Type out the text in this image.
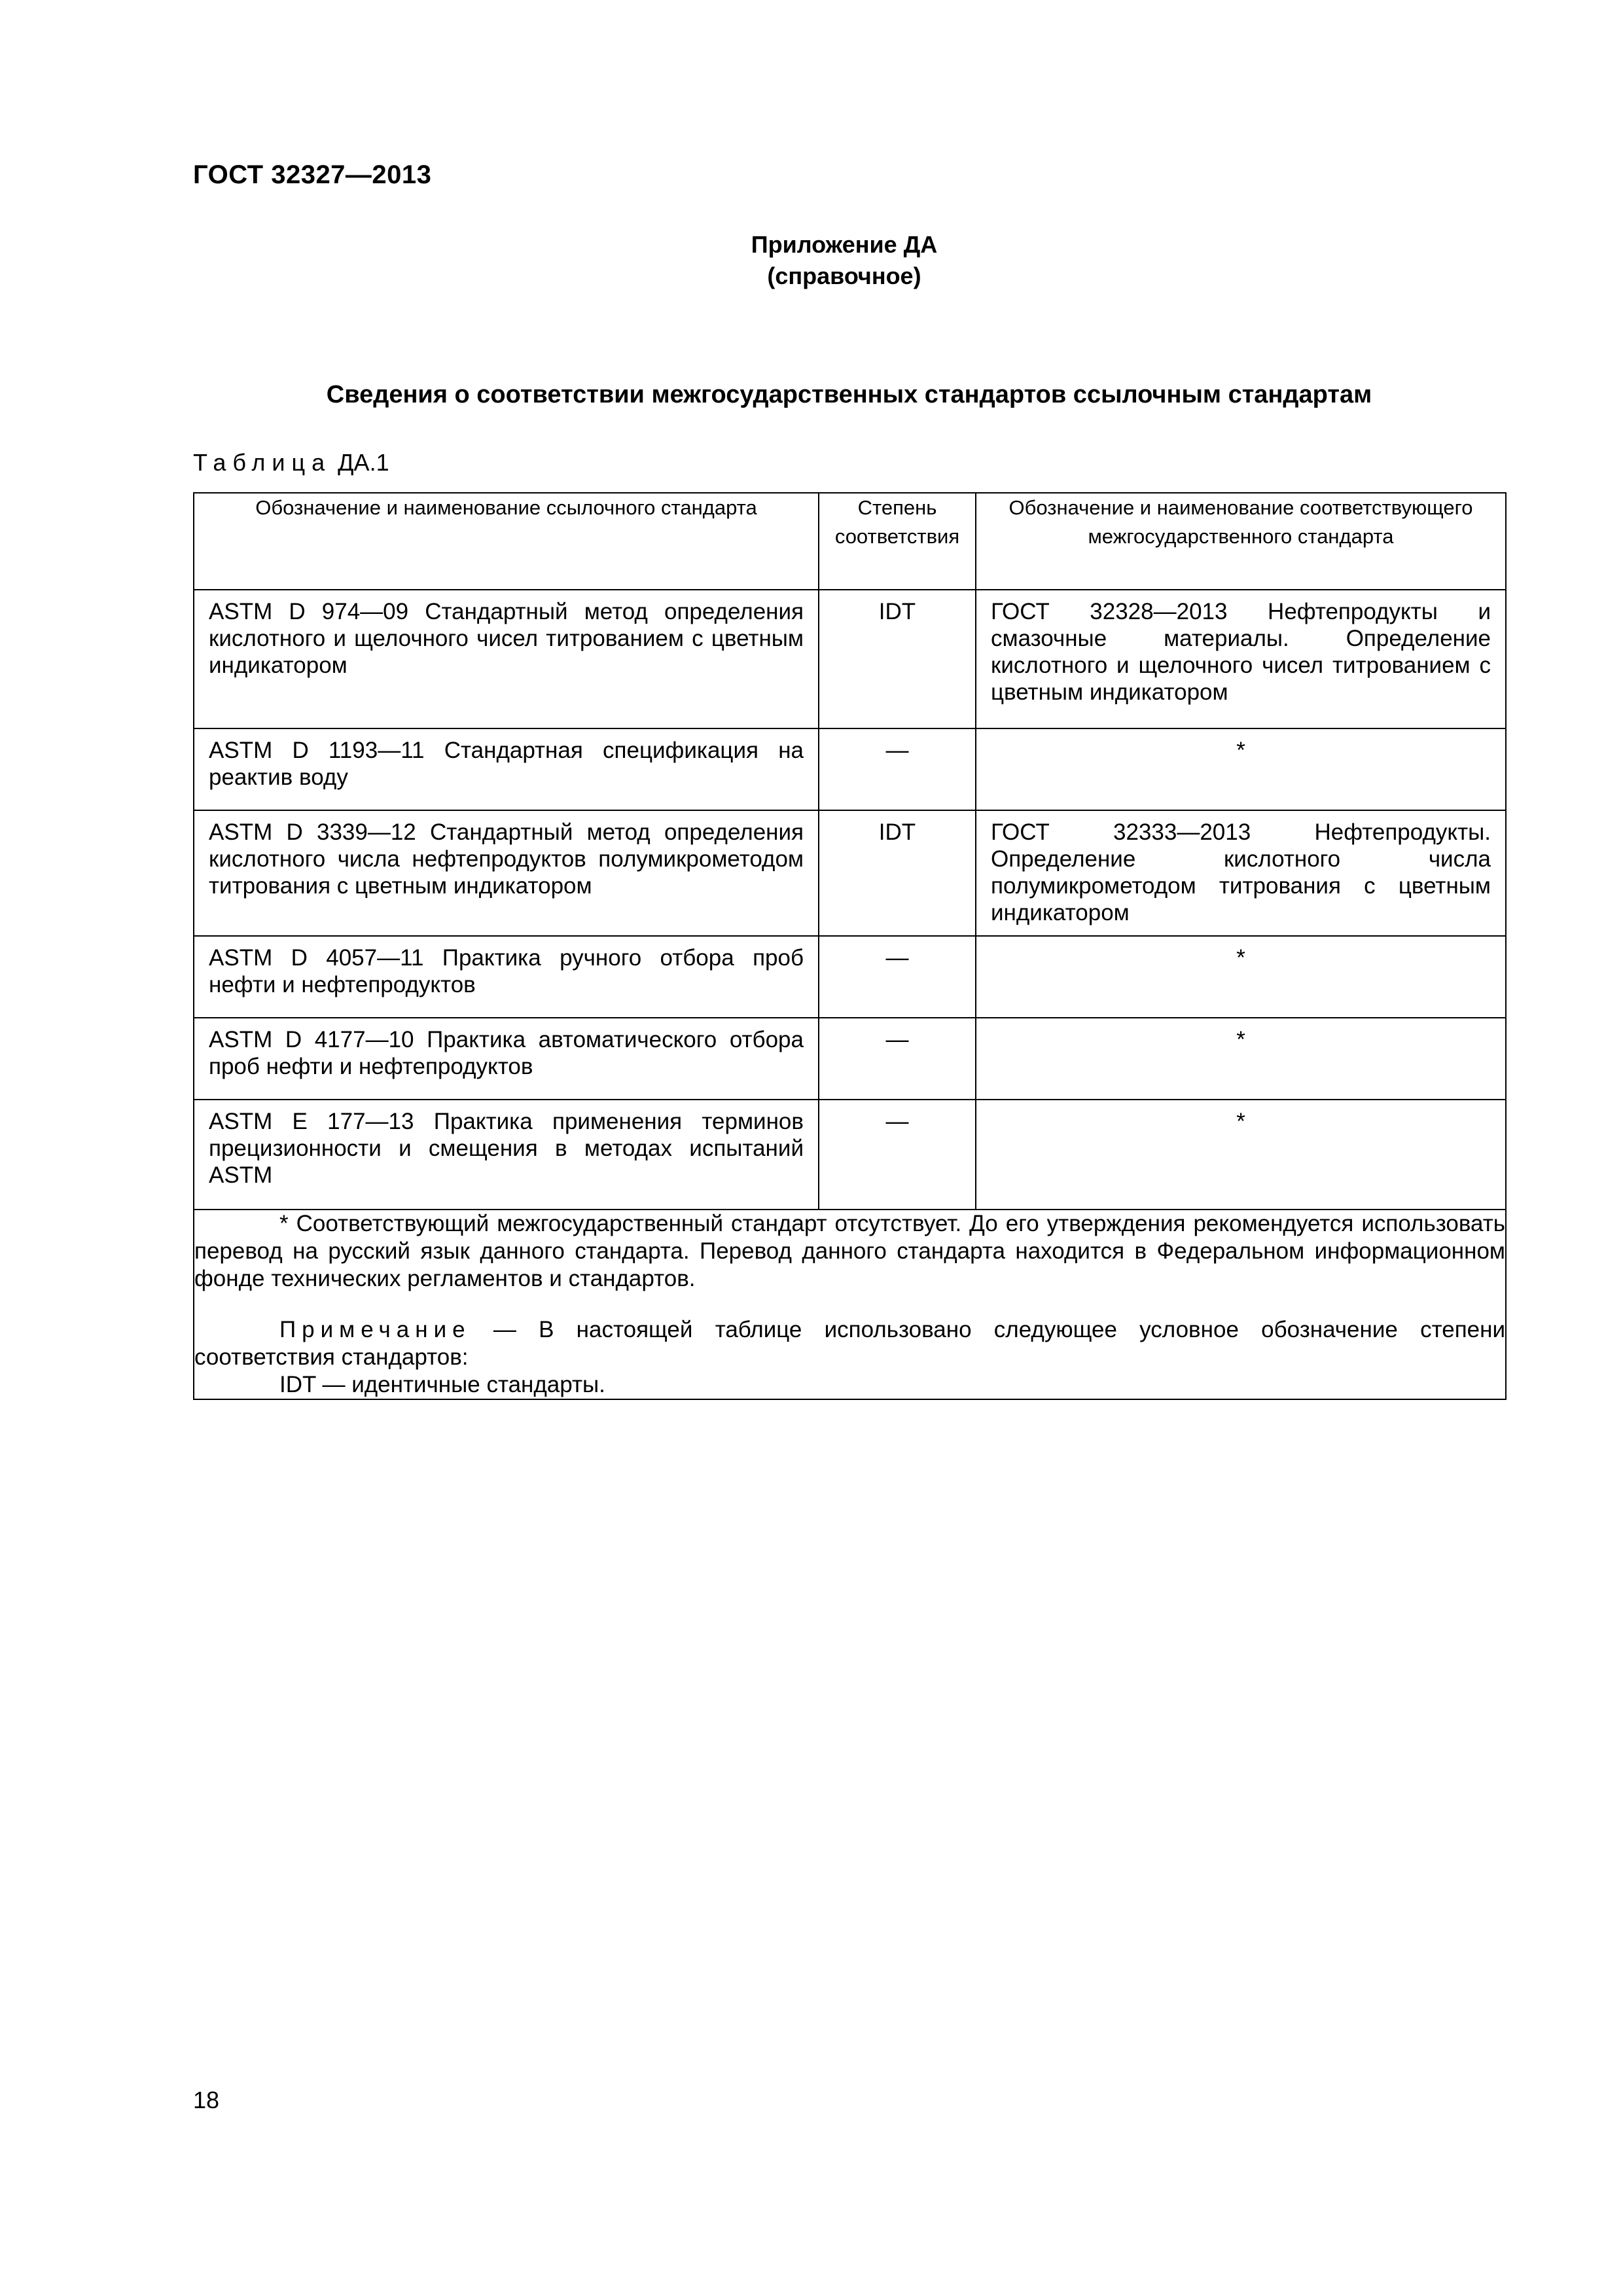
ГОСТ 32327—2013
Приложение ДА
(справочное)
Сведения о соответствии межгосударственных стандартов ссылочным стандартам
Таблица ДА.1
Обозначение и наименование ссылочного стандарта	Степень соответствия	Обозначение и наименование соответствующего межгосударственного стандарта

ASTM D 974—09 Стандартный метод определения кислотного и щелочного чисел титрованием с цветным индикатором	IDT	ГОСТ 32328—2013 Нефтепродукты и смазочные материалы. Определение кислотного и щелочного чисел титрованием с цветным индикатором

ASTM D 1193—11 Стандартная спецификация на реактив воду	—	*

ASTM D 3339—12 Стандартный метод определения кислотного числа нефтепродуктов полумикрометодом титрования с цветным индикатором	IDT	ГОСТ 32333—2013 Нефтепродукты. Определение кислотного числа полумикрометодом титрования с цветным индикатором

ASTM D 4057—11 Практика ручного отбора проб нефти и нефтепродуктов	—	*

ASTM D 4177—10 Практика автоматического отбора проб нефти и нефтепродуктов	—	*

ASTM E 177—13 Практика применения терминов прецизионности и смещения в методах испытаний ASTM	—	*

* Соответствующий межгосударственный стандарт отсутствует. До его утверждения рекомендуется использовать перевод на русский язык данного стандарта. Перевод данного стандарта находится в Федеральном информационном фонде технических регламентов и стандартов.
Примечание — В настоящей таблице использовано следующее условное обозначение степени соответствия стандартов:
IDT — идентичные стандарты.		
18
